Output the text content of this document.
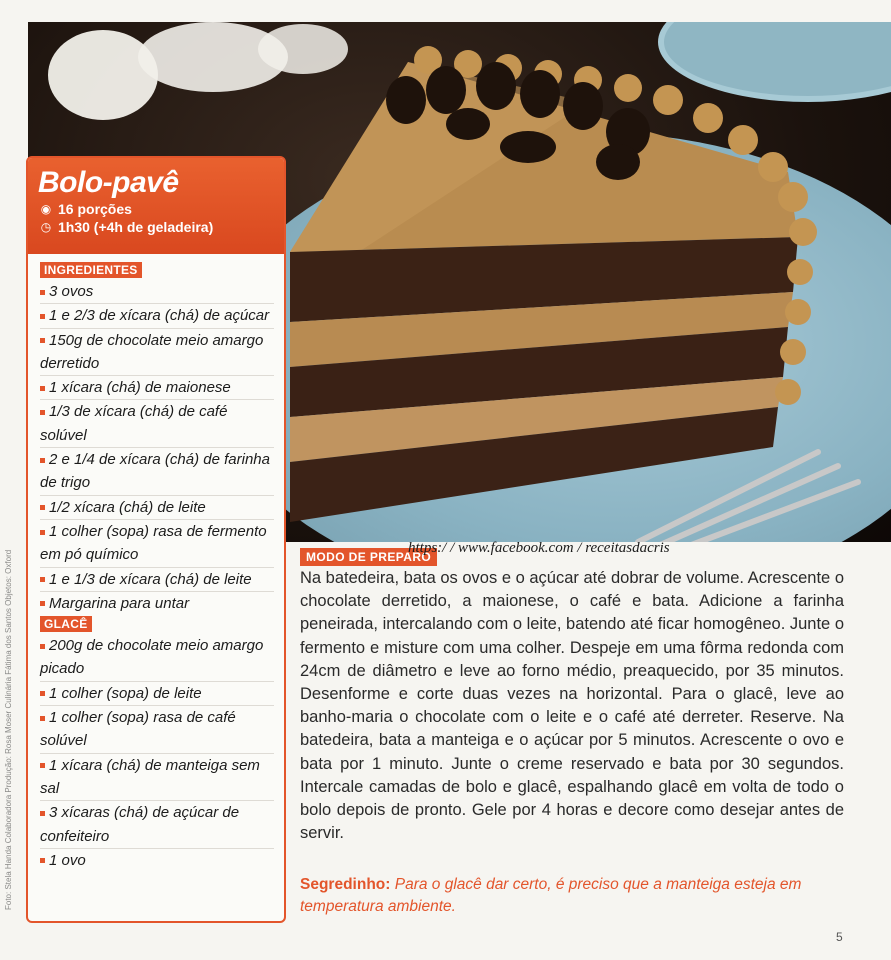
Bolo-pavê
◉ 16 porções
◷ 1h30 (+4h de geladeira)
INGREDIENTES
3 ovos
1 e 2/3 de xícara (chá) de açúcar
150g de chocolate meio amargo derretido
1 xícara (chá) de maionese
1/3 de xícara (chá) de café solúvel
2 e 1/4 de xícara (chá) de farinha de trigo
1/2 xícara (chá) de leite
1 colher (sopa) rasa de fermento em pó químico
1 e 1/3 de xícara (chá) de leite
Margarina para untar
GLACÊ
200g de chocolate meio amargo picado
1 colher (sopa) de leite
1 colher (sopa) rasa de café solúvel
1 xícara (chá) de manteiga sem sal
3 xícaras (chá) de açúcar de confeiteiro
1 ovo
Foto: Stela Handa Colaboradora Produção: Rosa Moser Culinária Fátima dos Santos Objetos: Oxford	MODO DE PREPARO
https:/ / www.facebook.com / receitasdacris

Na batedeira, bata os ovos e o açúcar até dobrar de volume. Acrescente o chocolate derretido, a maionese, o café e bata. Adicione a farinha peneirada, intercalando com o leite, batendo até ficar homogêneo. Junte o fermento e misture com uma colher. Despeje em uma fôrma redonda com 24cm de diâmetro e leve ao forno médio, preaquecido, por 35 minutos. Desenforme e corte duas vezes na horizontal. Para o glacê, leve ao banho-maria o chocolate com o leite e o café até derreter. Reserve. Na batedeira, bata a manteiga e o açúcar por 5 minutos. Acrescente o ovo e bata por 1 minuto. Junte o creme reservado e bata por 30 segundos. Intercale camadas de bolo e glacê, espalhando glacê em volta de todo o bolo depois de pronto. Gele por 4 horas e decore como desejar antes de servir.

Segredinho: Para o glacê dar certo, é preciso que a manteiga esteja em temperatura ambiente.

5
